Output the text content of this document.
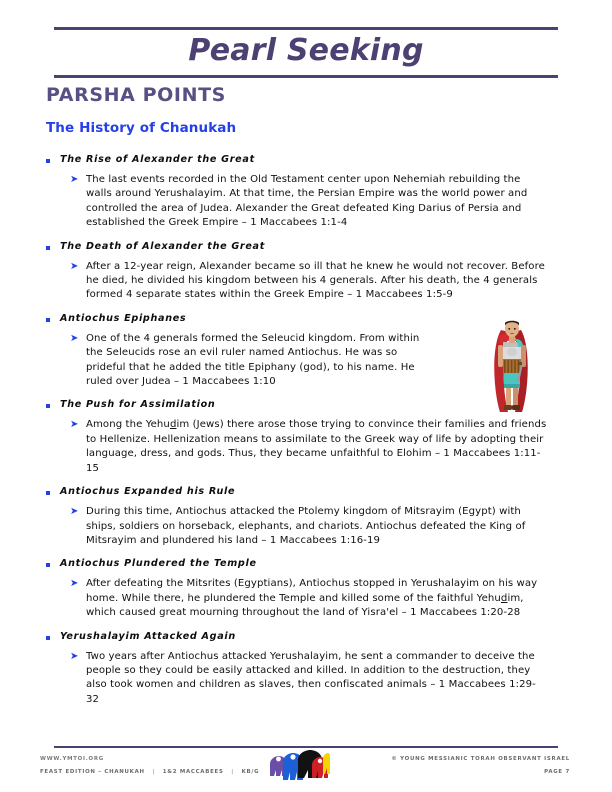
Pearl Seeking
PARSHA POINTS
The History of Chanukah
The Rise of Alexander the Great
➤ The last events recorded in the Old Testament center upon Nehemiah rebuilding the walls around Yerushalayim. At that time, the Persian Empire was the world power and controlled the area of Judea. Alexander the Great defeated King Darius of Persia and established the Greek Empire – 1 Maccabees 1:1-4
The Death of Alexander the Great
➤ After a 12-year reign, Alexander became so ill that he knew he would not recover. Before he died, he divided his kingdom between his 4 generals. After his death, the 4 generals formed 4 separate states within the Greek Empire – 1 Maccabees 1:5-9
Antiochus Epiphanes
➤ One of the 4 generals formed the Seleucid kingdom. From within the Seleucids rose an evil ruler named Antiochus. He was so prideful that he added the title Epiphany (god), to his name. He ruled over Judea – 1 Maccabees 1:10
The Push for Assimilation
➤ Among the Yehudim (Jews) there arose those trying to convince their families and friends to Hellenize. Hellenization means to assimilate to the Greek way of life by adopting their language, dress, and gods. Thus, they became unfaithful to Elohim – 1 Maccabees 1:11-15
Antiochus Expanded his Rule
➤ During this time, Antiochus attacked the Ptolemy kingdom of Mitsrayim (Egypt) with ships, soldiers on horseback, elephants, and chariots. Antiochus defeated the King of Mitsrayim and plundered his land – 1 Maccabees 1:16-19
Antiochus Plundered the Temple
➤ After defeating the Mitsrites (Egyptians), Antiochus stopped in Yerushalayim on his way home. While there, he plundered the Temple and killed some of the faithful Yehudim, which caused great mourning throughout the land of Yisra'el – 1 Maccabees 1:20-28
Yerushalayim Attacked Again
➤ Two years after Antiochus attacked Yerushalayim, he sent a commander to deceive the people so they could be easily attacked and killed. In addition to the destruction, they also took women and children as slaves, then confiscated animals – 1 Maccabees 1:29-32
WWW.YMTOI.ORG
FEAST EDITION – CHANUKAH | 1&2 MACCABEES | KB/G
© YOUNG MESSIANIC TORAH OBSERVANT ISRAEL
PAGE 7
